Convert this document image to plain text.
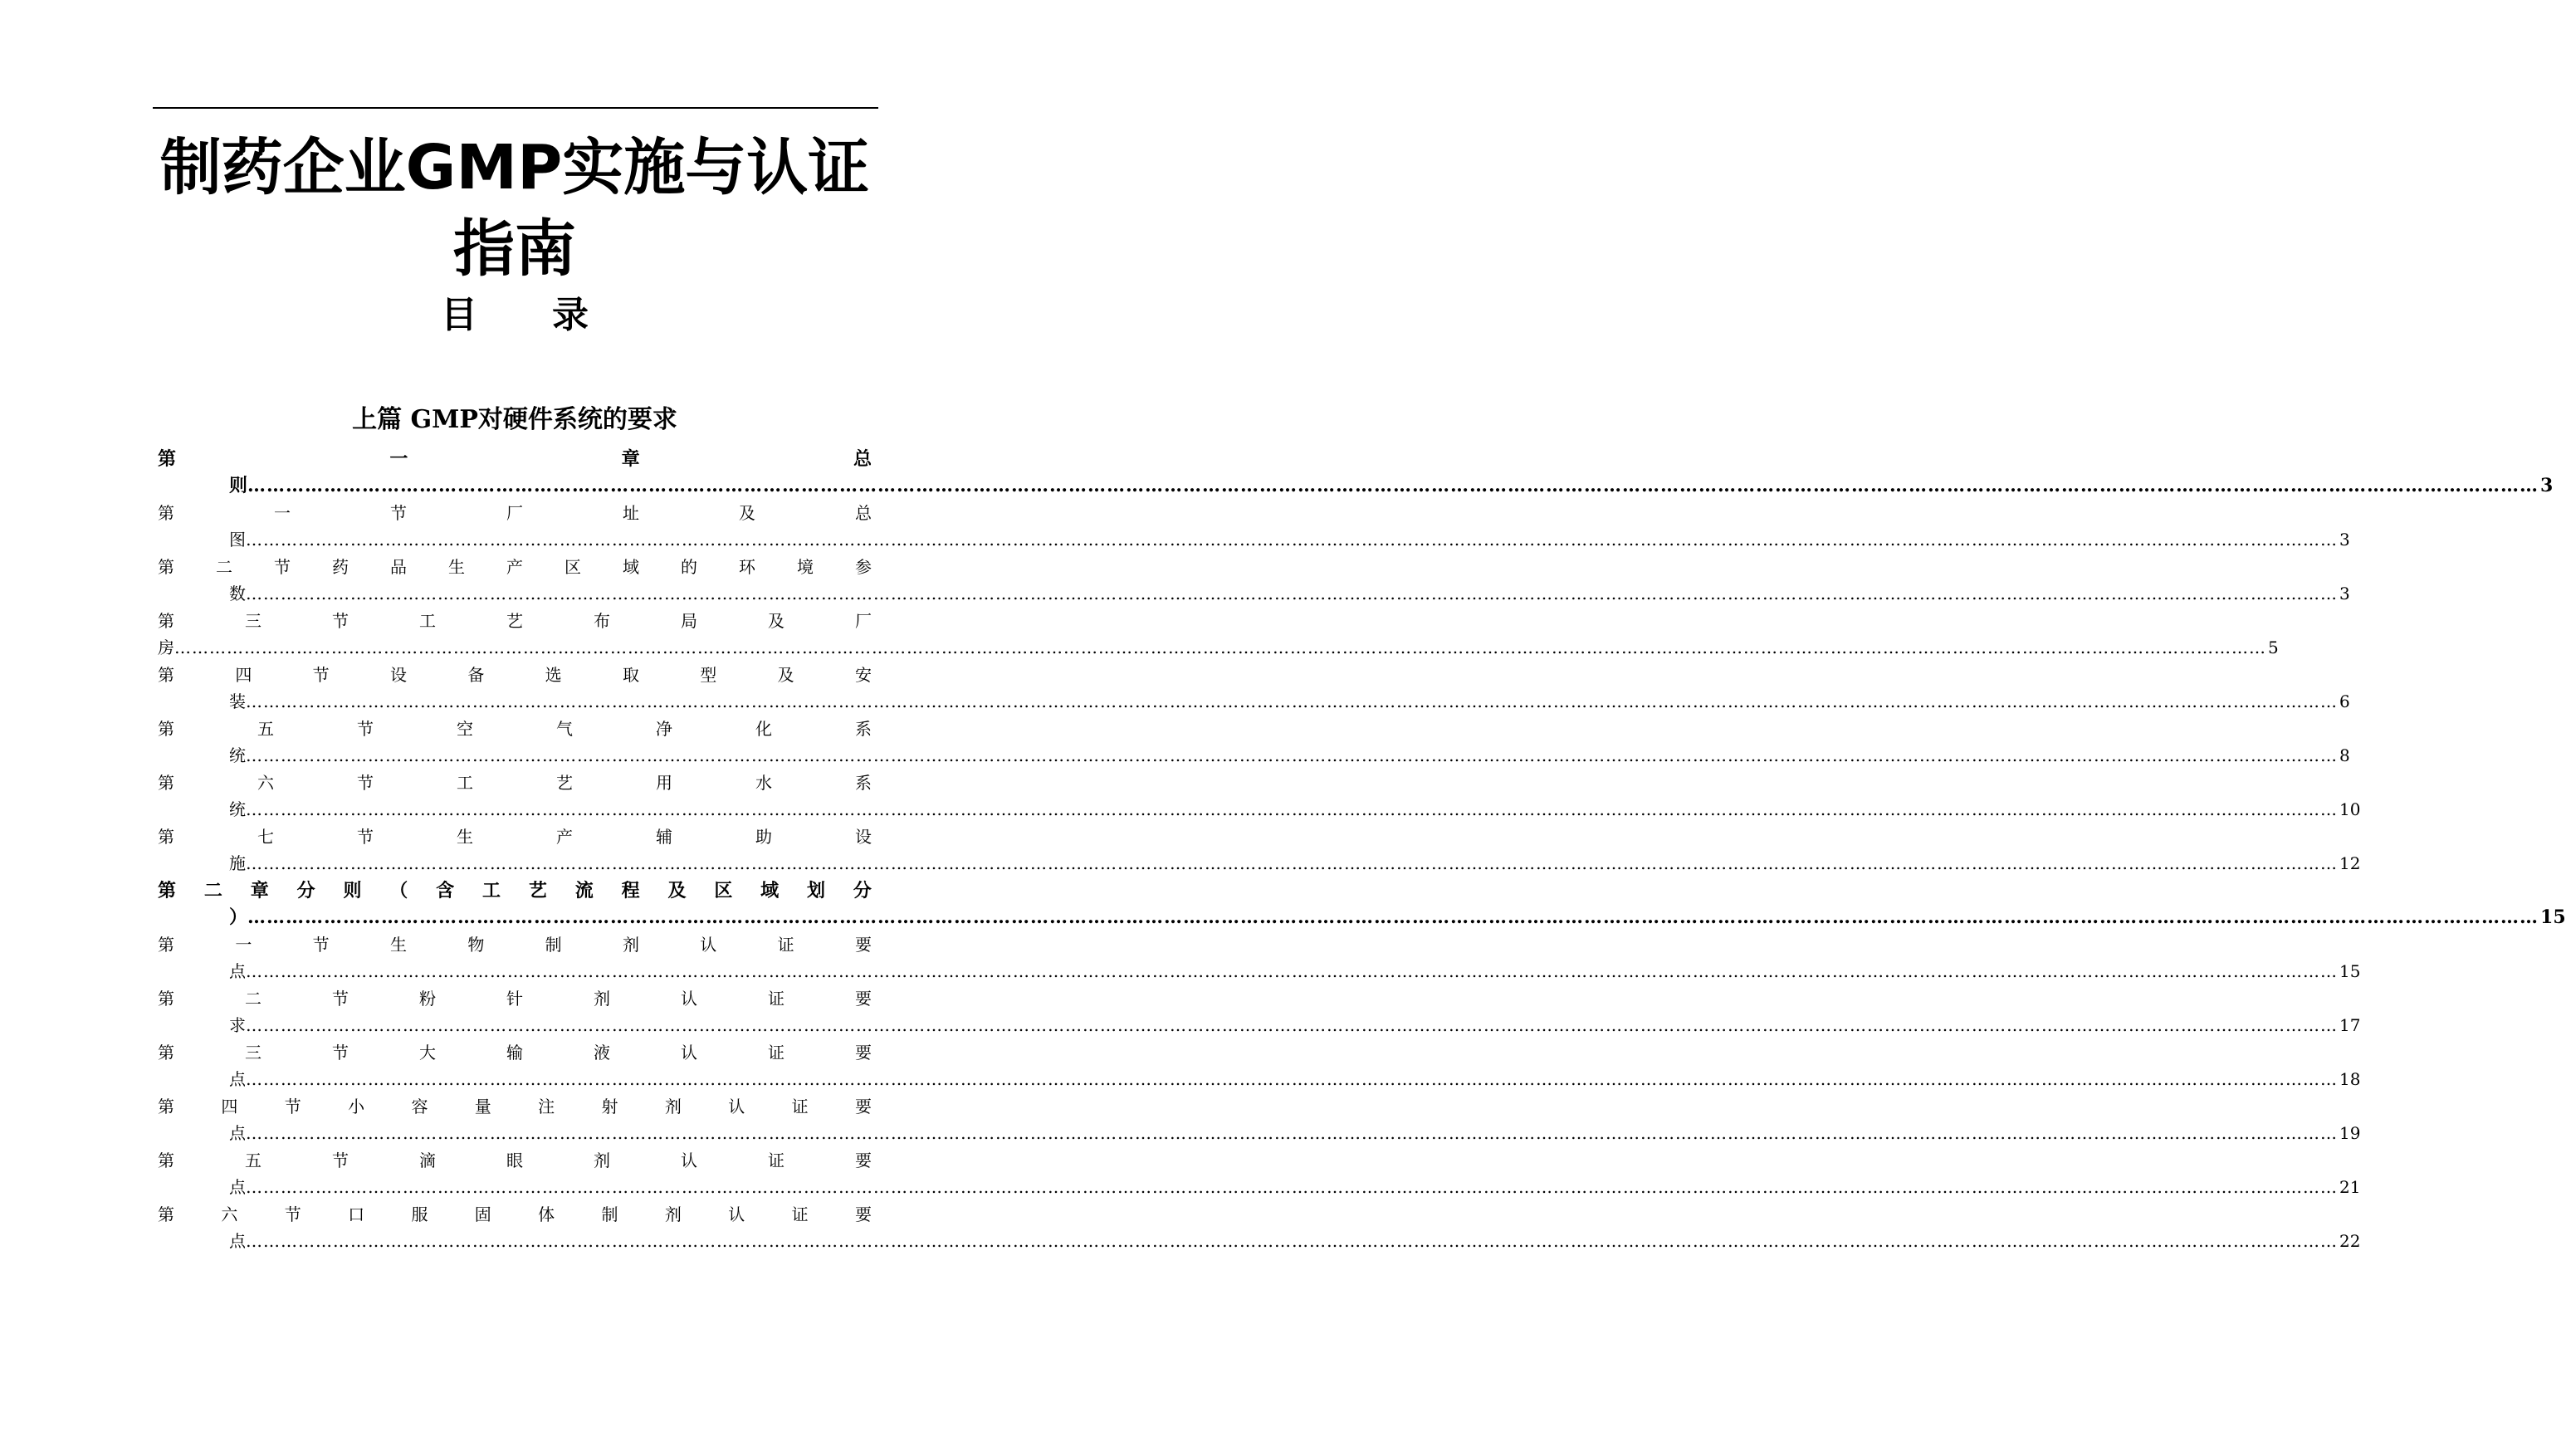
制药企业GMP实施与认证
指南
目录
上篇 GMP对硬件系统的要求
第	一	章	总
则 ……………………………………………………………………………………………………………………………………………………………………………………………………………………………………………………………………………………………………………………………… 3
第	一	节	厂	址	及	总
图 ……………………………………………………………………………………………………………………………………………………………………………………………………………………………………………………………………………………………………………………………… 3
第	二	节	药	品	生	产	区	域	的	环	境	参
数 ……………………………………………………………………………………………………………………………………………………………………………………………………………………………………………………………………………………………………………………………… 3
第	三	节	工	艺	布	局	及	厂
房 ……………………………………………………………………………………………………………………………………………………………………………………………………………………………………………………………………………………………………………………………… 5
第	四	节	设	备	选	取	型	及	安
装 ……………………………………………………………………………………………………………………………………………………………………………………………………………………………………………………………………………………………………………………………… 6
第	五	节	空	气	净	化	系
统 ……………………………………………………………………………………………………………………………………………………………………………………………………………………………………………………………………………………………………………………………… 8
第	六	节	工	艺	用	水	系
统 ……………………………………………………………………………………………………………………………………………………………………………………………………………………………………………………………………………………………………………………………… 10
第	七	节	生	产	辅	助	设
施 ……………………………………………………………………………………………………………………………………………………………………………………………………………………………………………………………………………………………………………………………… 12
第 二 章 分 则 （ 含 工 艺 流 程 及 区 域 划 分
） ……………………………………………………………………………………………………………………………………………………………………………………………………………………………………………………………………………………………………………………………… 15
第	一	节	生	物	制	剂	认	证	要
点 ……………………………………………………………………………………………………………………………………………………………………………………………………………………………………………………………………………………………………………………………… 15
第	二	节	粉	针	剂	认	证	要
求 ……………………………………………………………………………………………………………………………………………………………………………………………………………………………………………………………………………………………………………………………… 17
第	三	节	大	输	液	认	证	要
点 ……………………………………………………………………………………………………………………………………………………………………………………………………………………………………………………………………………………………………………………………… 18
第	四	节	小	容	量	注	射	剂	认	证	要
点 ……………………………………………………………………………………………………………………………………………………………………………………………………………………………………………………………………………………………………………………………… 19
第	五	节	滴	眼	剂	认	证	要
点 ……………………………………………………………………………………………………………………………………………………………………………………………………………………………………………………………………………………………………………………………… 21
第	六	节	口	服	固	体	制	剂	认	证	要
点 ……………………………………………………………………………………………………………………………………………………………………………………………………………………………………………………………………………………………………………………………… 22
